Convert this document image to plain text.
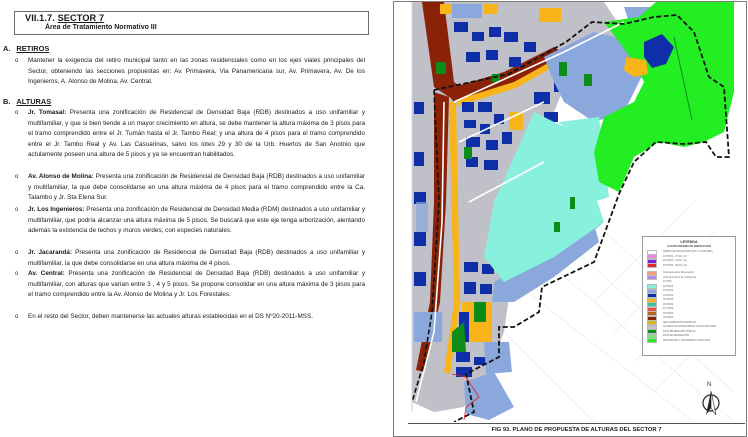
VII.1.7. SECTOR 7
Área de Tratamiento Normativo III
A. RETIROS
o Mantener la exigencia del retiro municipal tanto en las zonas residenciales como en los ejes viales principales del Sector, obteniendo las secciones propuestas en: Av. Primavera, Via Panamericana sur, Av. Primavera, Av. De los Ingenieros, A. Alonso de Molina, Av. Central.
B. ALTURAS
o Jr. Tomasal: Presenta una zonificación de Residencial de Densidad Baja (RDB) destinados a uso unifamiliar y multifamiliar, y que si bien tiende a un mayor crecimiento en altura, se debe mantener la altura máxima de 3 pisos para el tramo comprendido entre el Jr. Tumán hasta el Jr. Tambo Real; y una altura de 4 pisos para el tramo comprendido entre el Jr. Tambo Real y Av. Las Casuarinas, salvo los lotes 29 y 30 de la Urb. Huertos de San Anotnio que actulamente poseen una altura de 5 pisos y ya se encuentran habilitados.
o Av. Alonso de Molina: Presenta una zonificación de Residencial de Densidad Baja (RDB) destinados a uso unifamiliar y multifamiliar, la que debe consolidarse en una altura máxima de 4 pisos para el tramo comprendido entre la Ca. Talambo y Jr. Sta Elena Sur.
o Jr. Los Ingenieros: Presenta una zonificación de Residencial de Densidad Media (RDM) destinados a uso unifamiliar y multifamiliar, que podría alcanzar una altura máxima de 5 pisos. Se buscará que este eje tenga arborización, alentando además la existencia de techos y muros verdes, con especies naturales.
o Jr. Jacarandá: Presenta una zonificación de Residencial de Densidad Baja (RDB) destinados a uso unifamiliar y multifamiliar, la que debe consolidarse en una altura máxima de 4 pisos.
o Av. Central: Presenta una zonificación de Residencial de Densidad Baja (RDB) destinados a uso unifamiliar y multifamiliar, con alturas que varían entre 3 , 4 y 5 pisos. Se propone consolidar en una altura máxima de 3 pisos para el tramo comprendido entre la Av. Alonso de Molina y Jr. Los Forestales.
o En el resto del Sector, deben mantenerse las actuales alturas establecidas en el DS Nº20-2011-MSS.
LEYENDA
ALTURA MÁXIMA DE EDIFICACIÓN
ÁMBITO DE APLICACIÓN (ORD. Nº 1108-MML)
10 PISOS - 37.00 m (1)
20 PISOS - 74.00 m (1)
28 PISOS - 98.00 m (2)
Ordenanza Zona Monumental
Ordenanza Zona de Tratamiento
01 PISO
02 PISOS
03 PISOS
04 PISOS
05 PISOS
06 PISOS
07 PISOS
08 PISOS
10 PISOS
REGLAMENTACIÓN ESPECIAL
ALTURAS DE CONFORMIDAD CON EL ENTORNO
ZONA RECREACIÓN PÚBLICA
ZONA DE RECREACIÓN
PROTECCIÓN Y TRATAMIENTO PAISAJISTA
N
FIG 93. PLANO DE PROPUESTA DE ALTURAS DEL SECTOR 7
